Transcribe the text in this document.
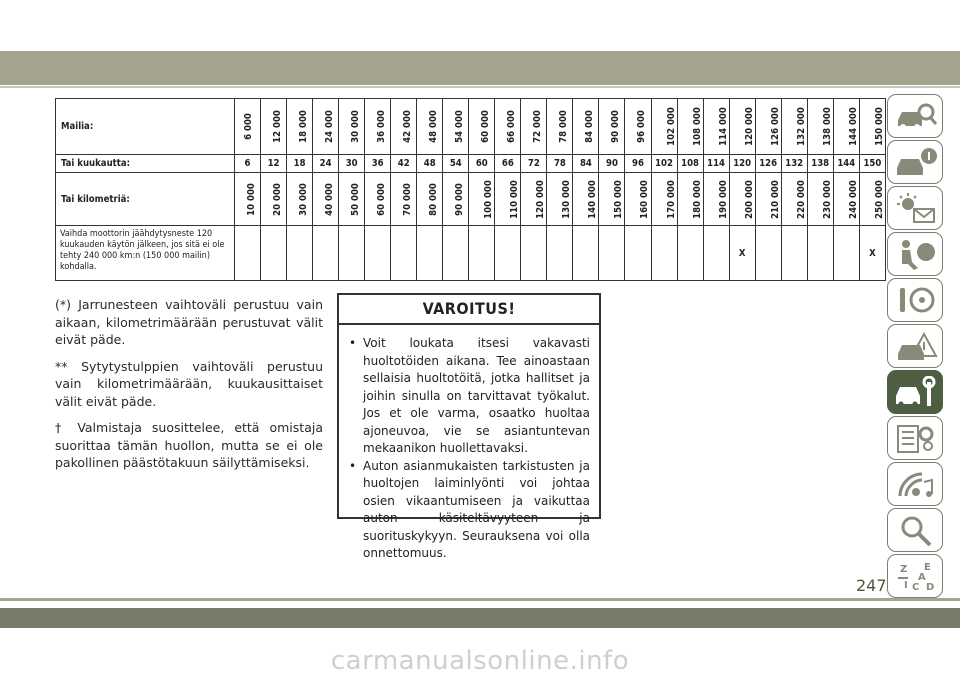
Mailia:	6 000	12 000	18 000	24 000	30 000	36 000	42 000	48 000	54 000	60 000	66 000	72 000	78 000	84 000	90 000	96 000	102 000	108 000	114 000	120 000	126 000	132 000	138 000	144 000	150 000
Tai kuukautta:	6	12	18	24	30	36	42	48	54	60	66	72	78	84	90	96	102	108	114	120	126	132	138	144	150
Tai kilometriä:	10 000	20 000	30 000	40 000	50 000	60 000	70 000	80 000	90 000	100 000	110 000	120 000	130 000	140 000	150 000	160 000	170 000	180 000	190 000	200 000	210 000	220 000	230 000	240 000	250 000
Vaihda moottorin jäähdytysneste 120 kuukauden käytön jälkeen, jos sitä ei ole tehty 240 000 km:n (150 000 mailin) kohdalla.																				X					X

(*) Jarrunesteen vaihtoväli perustuu vain aikaan, kilometrimäärään perustuvat välit eivät päde.

** Sytytystulppien vaihtoväli perustuu vain kilometrimäärään, kuukausittaiset välit eivät päde.

† Valmistaja suosittelee, että omistaja suorittaa tämän huollon, mutta se ei ole pakollinen päästötakuun säilyttämiseksi.

VAROITUS!
• Voit loukata itsesi vakavasti huoltotöiden aikana. Tee ainoastaan sellaisia huoltotöitä, jotka hallitset ja joihin sinulla on tarvittavat työkalut. Jos et ole varma, osaatko huoltaa ajoneuvoa, vie se asiantuntevan mekaanikon huollettavaksi.
• Auton asianmukaisten tarkistusten ja huoltojen laiminlyönti voi johtaa osien vikaantumiseen ja vaikuttaa auton käsiteltävyyteen ja suorituskykyyn. Seurauksena voi olla onnettomuus.
Z E
A
I C D
247
carmanualsonline.info
